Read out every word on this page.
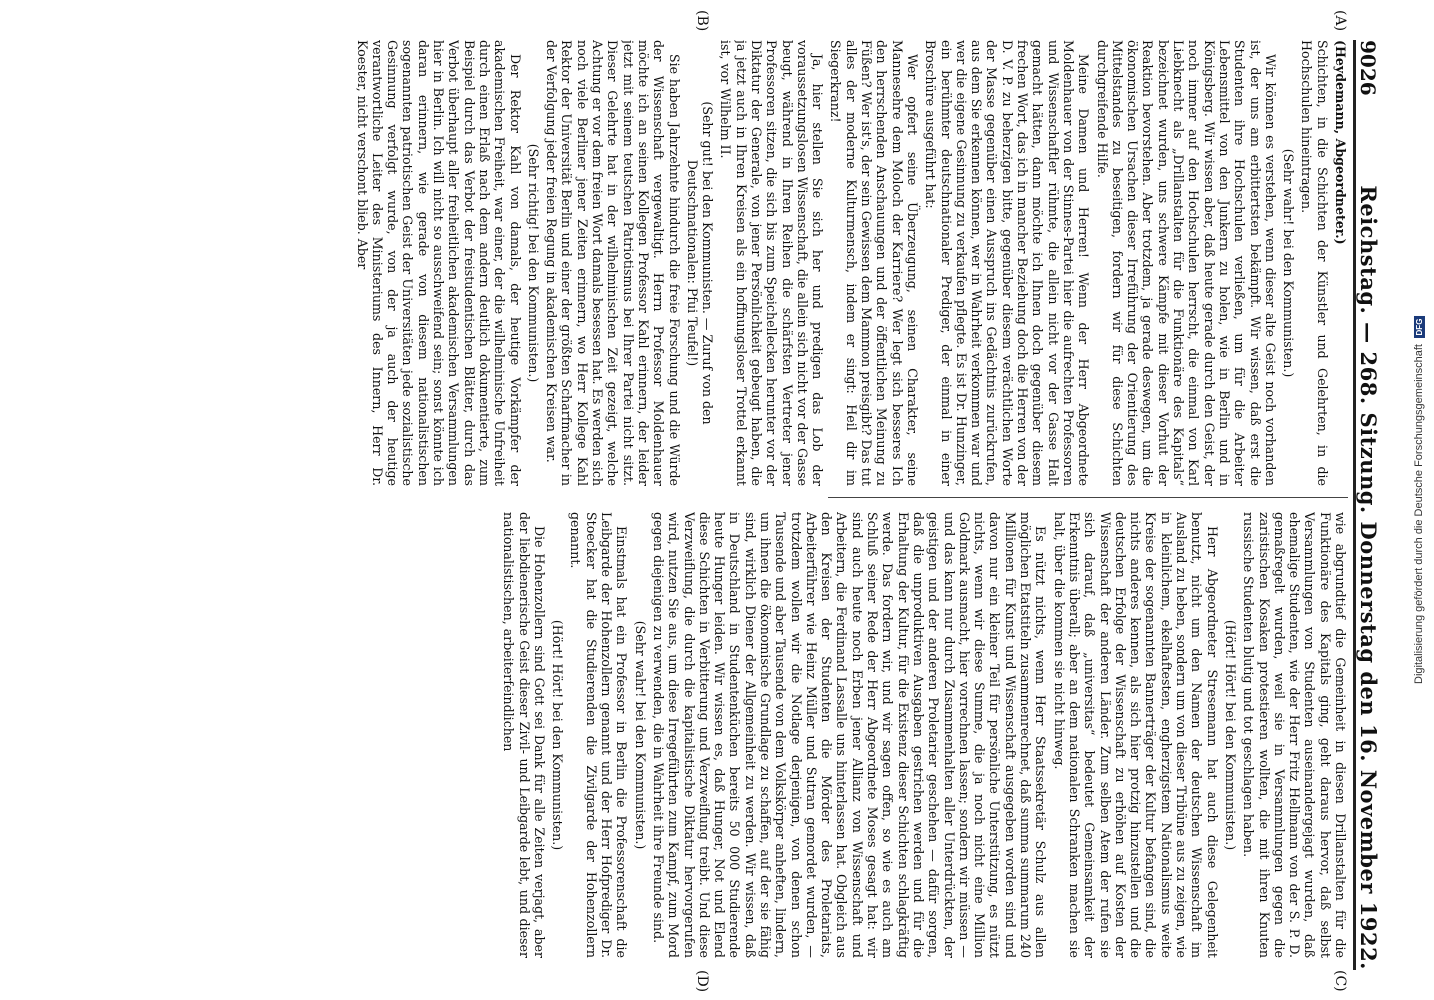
9026
Reichstag. — 268. Sitzung. Donnerstag den 16. November 1922.
(A)
(B)
(C)
(D)

(Heydemann, Abgeordneter.)

Schichten, in die Schichten der Künstler und Gelehrten, in die Hochschulen hineintragen.

(Sehr wahr! bei den Kommunisten.)

Wir können es verstehen, wenn dieser alte Geist noch vorhanden ist, der uns am erbittertsten bekämpft. Wir wissen, daß erst die Studenten ihre Hochschulen verließen, um für die Arbeiter Lebensmittel von den Junkern zu holen, wie in Berlin und in Königsberg. Wir wissen aber, daß heute gerade durch den Geist, der noch immer auf den Hochschulen herrscht, die einmal von Karl Liebknecht als „Drillanstalten für die Funktionäre des Kapitals“ bezeichnet wurden, uns schwere Kämpfe mit dieser Vorhut der Reaktion bevorstehen. Aber trotzdem, ja gerade deswegen, um die ökonomischen Ursachen dieser Irreführung der Orientierung des Mittelstandes zu beseitigen, fordern wir für diese Schichten durchgreifende Hilfe.

Meine Damen und Herren! Wenn der Herr Abgeordnete Moldenhauer von der Stinnes-Partei hier die aufrechten Professoren und Wissenschaftler rühmte, die allein nicht vor der Gasse Halt gemacht hätten, dann möchte ich Ihnen doch gegenüber diesem frechen Wort, das ich in mancher Beziehung doch die Herren von der D. V. P. zu beherzigen bitte, gegenüber diesem verächtlichen Worte der Masse gegenüber einen Ausspruch ins Gedächtnis zurückrufen, aus dem Sie erkennen können, wer in Wahrheit verkommen war und wer die eigene Gesinnung zu verkaufen pflegte. Es ist Dr. Hunzinger, ein berühmter deutschnationaler Prediger, der einmal in einer Broschüre ausgeführt hat:

Wer opfert seine Überzeugung, seinen Charakter, seine Mannesehre dem Moloch der Karriere? Wer legt sich besseres Ich den herrschenden Anschauungen und der öffentlichen Meinung zu Füßen? Wer ist's, der sein Gewissen dem Mammon preisgibt? Das tut alles der moderne Kulturmensch, indem er singt: Heil dir im Siegerkranz!

Ja, hier stellen Sie sich her und predigen das Lob der voraussetzungslosen Wissenschaft, die allein sich nicht vor der Gasse beugt, während in Ihren Reihen die schärfsten Vertreter jener Professoren sitzen, die sich bis zum Speichellecken herunter vor der Diktatur der Generale, von jener Persönlichkeit gebeugt haben, die ja jetzt auch in Ihren Kreisen als ein hoffnungsloser Trottel erkannt ist, vor Wilhelm II.

(Sehr gut! bei den Kommunisten. — Zuruf von den Deutschnationalen: Pfui Teufel!)

Sie haben Jahrzehnte hindurch die freie Forschung und die Würde der Wissenschaft vergewaltigt. Herrn Professor Moldenhauer möchte ich an seinen Kollegen Professor Kahl erinnern, der leider jetzt mit seinem teutschen Patriotismus bei Ihrer Partei nicht sitzt. Dieser Gelehrte hat in der wilhelminischen Zeit gezeigt, welche Achtung er vor dem freien Wort damals besessen hat. Es werden sich noch viele Berliner jener Zeiten erinnern, wo Herr Kollege Kahl Rektor der Universität Berlin und einer der größten Scharfmacher in der Verfolgung jeder freien Regung in akademischen Kreisen war.

(Sehr richtig! bei den Kommunisten.)

Der Rektor Kahl von damals, der heutige Vorkämpfer der akademischen Freiheit, war einer, der die wilhelminische Unfreiheit durch einen Erlaß nach dem andern deutlich dokumentierte, zum Beispiel durch das Verbot der freistudentischen Blätter, durch das Verbot überhaupt aller freiheitlichen akademischen Versammlungen hier in Berlin. Ich will nicht so ausschweifend sein; sonst könnte ich daran erinnern, wie gerade von diesem nationalistischen sogenannten patriotischen Geist der Universitäten jede sozialistische Gesinnung verfolgt wurde, von der ja auch der heutige verantwortliche Leiter des Ministeriums des Innern, Herr Dr. Koester, nicht verschont blieb. Aber

wie abgrundtief die Gemeinheit in diesen Drillanstalten für die Funktionäre des Kapitals ging, geht daraus hervor, daß selbst Versammlungen von Studenten auseinandergejagt wurden, daß ehemalige Studenten, wie der Herr Fritz Hellmann von der S. P. D. gemaßregelt wurden, weil sie in Versammlungen gegen die zaristischen Kosaken protestieren wollten, die mit ihren Knuten russische Studenten blutig und tot geschlagen haben.

(Hört! Hört! bei den Kommunisten.)

Herr Abgeordneter Stresemann hat auch diese Gelegenheit benutzt, nicht um den Namen der deutschen Wissenschaft im Ausland zu heben, sondern um von dieser Tribüne aus zu zeigen, wie in kleinlichem, ekelhaftesten, engherzigstem Nationalismus weite Kreise der sogenannten Bannerträger der Kultur befangen sind, die nichts anderes kennen, als sich hier protzig hinzustellen und die deutschen Erfolge der Wissenschaft zu erhöhen auf Kosten der Wissenschaft der anderen Länder. Zum selben Atem der rufen sie sich darauf, daß „universitas“ bedeutet Gemeinsamkeit der Erkenntnis überall; aber an dem nationalen Schranken machen sie halt, über die kommen sie nicht hinweg.

Es nützt nichts, wenn Herr Staatssekretär Schulz aus allen möglichen Etatstiteln zusammenrechnet, daß summa summarum 240 Millionen für Kunst und Wissenschaft ausgegeben worden sind und davon nur ein kleiner Teil für persönliche Unterstützung, es nützt nichts, wenn wir diese Summe, die ja noch nicht eine Million Goldmark ausmacht, hier vorrechnen lassen; sondern wir müssen — und das kann nur durch Zusammenhalten aller Unterdrückten, der geistigen und der anderen Proletarier geschehen — dafür sorgen, daß die unproduktiven Ausgaben gestrichen werden und für die Erhaltung der Kultur, für die Existenz dieser Schichten schlagkräftig werde. Das fordern wir, und wir sagen offen, so wie es auch am Schluß seiner Rede der Herr Abgeordnete Moses gesagt hat: wir sind auch heute noch Erben jener Allianz von Wissenschaft und Arbeitern, die Ferdinand Lassalle uns hinterlassen hat. Obgleich aus den Kreisen der Studenten die Mörder des Proletariats, Arbeiterführer wie Heinz Müller und Sutran gemordet wurden, — trotzdem wollen wir die Notlage derjenigen, von denen schon Tausende und aber Tausende von dem Volkskörper anheften, lindern, um ihnen die ökonomische Grundlage zu schaffen, auf der sie fähig sind, wirklich Diener der Allgemeinheit zu werden. Wir wissen, daß in Deutschland in Studentenküchen bereits 50 000 Studierende heute Hunger leiden. Wir wissen es, daß Hunger, Not und Elend diese Schichten in Verbitterung und Verzweiflung treibt. Und diese Verzweiflung, die durch die kapitalistische Diktatur hervorgerufen wird, nutzen Sie aus, um diese Irregeführten zum Kampf, zum Mord gegen diejenigen zu verwenden, die in Wahrheit ihre Freunde sind.

(Sehr wahr! bei den Kommunisten.)

Einstmals hat ein Professor in Berlin die Professorenschaft die Leibgarde der Hohenzollern genannt und der Herr Hofprediger Dr. Stoecker hat die Studierenden die Zivilgarde der Hohenzollern genannt.

(Hört! Hört! bei den Kommunisten.)

Die Hohenzollern sind Gott sei Dank für alle Zeiten verjagt, aber der liebdienerische Geist dieser Zivil- und Leibgarde lebt, und dieser nationalistischen, arbeiterfeindlichen	Digitalisierung gefördert durch die Deutsche Forschungsgemeinschaft
DFG
